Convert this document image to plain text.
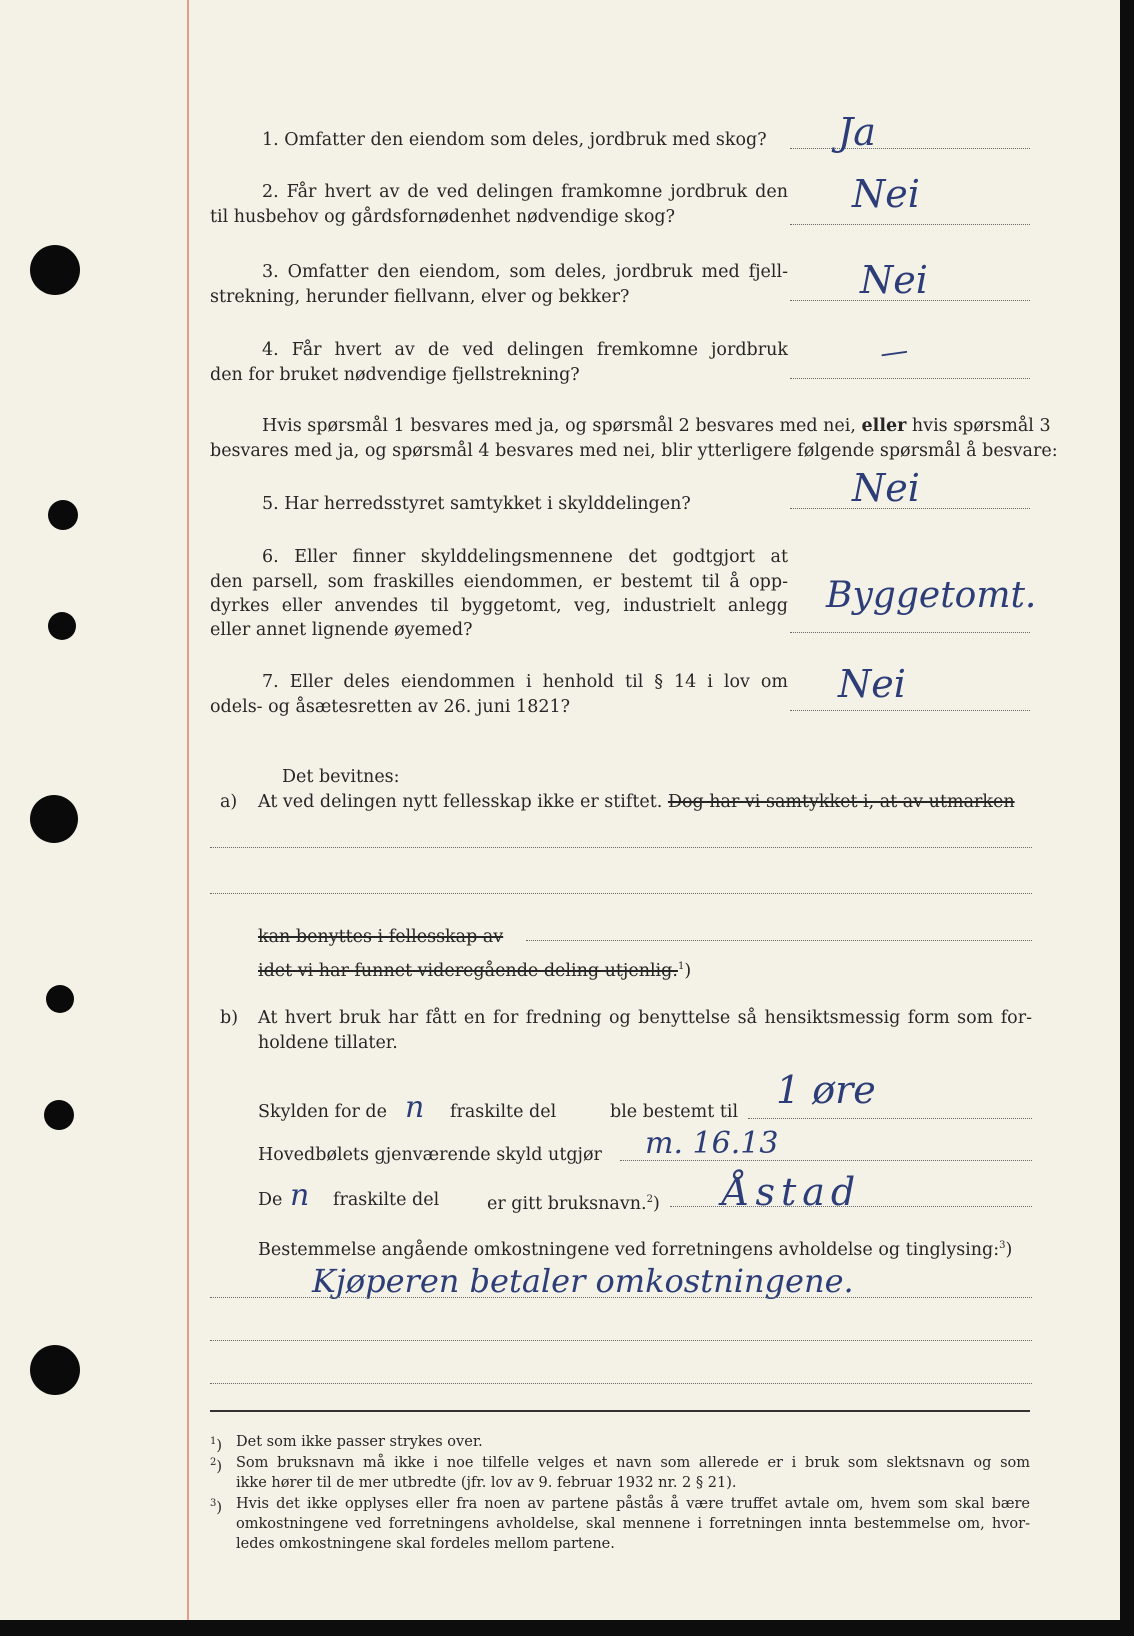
1. Omfatter den eiendom som deles, jordbruk med skog? Ja
2. Får hvert av de ved delingen framkomne jordbruk den
til husbehov og gårdsfornødenhet nødvendige skog?
Nei
3. Omfatter den eiendom, som deles, jordbruk med fjell-
strekning, herunder fiellvann, elver og bekker?	Nei
4. Får hvert av de ved delingen fremkomne jordbruk
den for bruket nødvendige fjellstrekning?
—
Hvis spørsmål 1 besvares med ja, og spørsmål 2 besvares med nei, eller hvis spørsmål 3
besvares med ja, og spørsmål 4 besvares med nei, blir ytterligere følgende spørsmål å besvare:
5. Har herredsstyret samtykket i skylddelingen?	Nei
6. Eller finner skylddelingsmennene det godtgjort at
den parsell, som fraskilles eiendommen, er bestemt til å opp-
dyrkes eller anvendes til byggetomt, veg, industrielt anlegg
eller annet lignende øyemed?
Byggetomt.
7. Eller deles eiendommen i henhold til § 14 i lov om
odels- og åsætesretten av 26. juni 1821?
Nei
Det bevitnes:
a) At ved delingen nytt fellesskap ikke er stiftet. Dog har vi samtykket i, at av utmarken
kan benyttes i fellesskap av
idet vi har funnet videregående deling utjenlig.$^1$)
b) At hvert bruk har fått en for fredning og benyttelse så hensiktsmessig form som for-
holdene tillater.
Skylden for de n fraskilte del	ble bestemt til 1 øre
Hovedbølets gjenværende skyld utgjør m. 16.13
De n fraskilte del	er gitt bruksnavn.$^2$) Åstad
Bestemmelse angående omkostningene ved forretningens avholdelse og tinglysing:$^3$)
Kjøperen betaler omkostningene.
$^1$) Det som ikke passer strykes over.
$^2$) Som bruksnavn må ikke i noe tilfelle velges et navn som allerede er i bruk som slektsnavn og som
ikke hører til de mer utbredte (jfr. lov av 9. februar 1932 nr. 2 § 21).
$^3$) Hvis det ikke opplyses eller fra noen av partene påstås å være truffet avtale om, hvem som skal bære
omkostningene ved forretningens avholdelse, skal mennene i forretningen innta bestemmelse om, hvor-
ledes omkostningene skal fordeles mellom partene.
